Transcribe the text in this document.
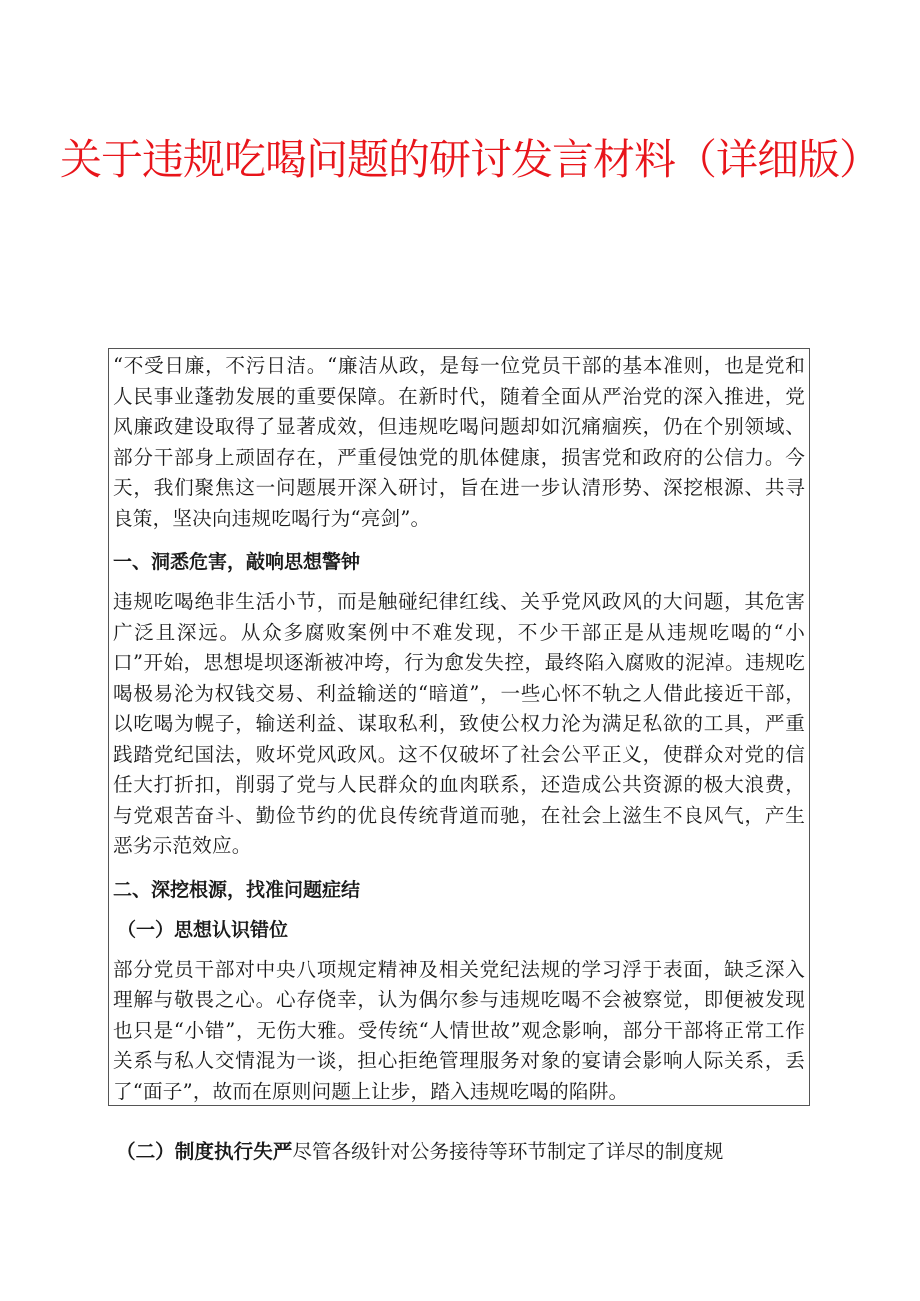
关于违规吃喝问题的研讨发言材料（详细版）

“不受日廉，不污日洁。“廉洁从政，是每一位党员干部的基本准则，也是党和人民事业蓬勃发展的重要保障。在新时代，随着全面从严治党的深入推进，党风廉政建设取得了显著成效，但违规吃喝问题却如沉痛痼疾，仍在个别领域、部分干部身上顽固存在，严重侵蚀党的肌体健康，损害党和政府的公信力。今天，我们聚焦这一问题展开深入研讨，旨在进一步认清形势、深挖根源、共寻良策，坚决向违规吃喝行为“亮剑”。

一、洞悉危害，敲响思想警钟

违规吃喝绝非生活小节，而是触碰纪律红线、关乎党风政风的大问题，其危害广泛且深远。从众多腐败案例中不难发现，不少干部正是从违规吃喝的“小口”开始，思想堤坝逐渐被冲垮，行为愈发失控，最终陷入腐败的泥淖。违规吃喝极易沦为权钱交易、利益输送的“暗道”，一些心怀不轨之人借此接近干部，以吃喝为幌子，输送利益、谋取私利，致使公权力沦为满足私欲的工具，严重践踏党纪国法，败坏党风政风。这不仅破坏了社会公平正义，使群众对党的信任大打折扣，削弱了党与人民群众的血肉联系，还造成公共资源的极大浪费，与党艰苦奋斗、勤俭节约的优良传统背道而驰，在社会上滋生不良风气，产生恶劣示范效应。

二、深挖根源，找准问题症结

（一）思想认识错位

部分党员干部对中央八项规定精神及相关党纪法规的学习浮于表面，缺乏深入理解与敬畏之心。心存侥幸，认为偶尔参与违规吃喝不会被察觉，即便被发现也只是“小错”，无伤大雅。受传统“人情世故”观念影响，部分干部将正常工作关系与私人交情混为一谈，担心拒绝管理服务对象的宴请会影响人际关系，丢了“面子”，故而在原则问题上让步，踏入违规吃喝的陷阱。

（二）制度执行失严尽管各级针对公务接待等环节制定了详尽的制度规
